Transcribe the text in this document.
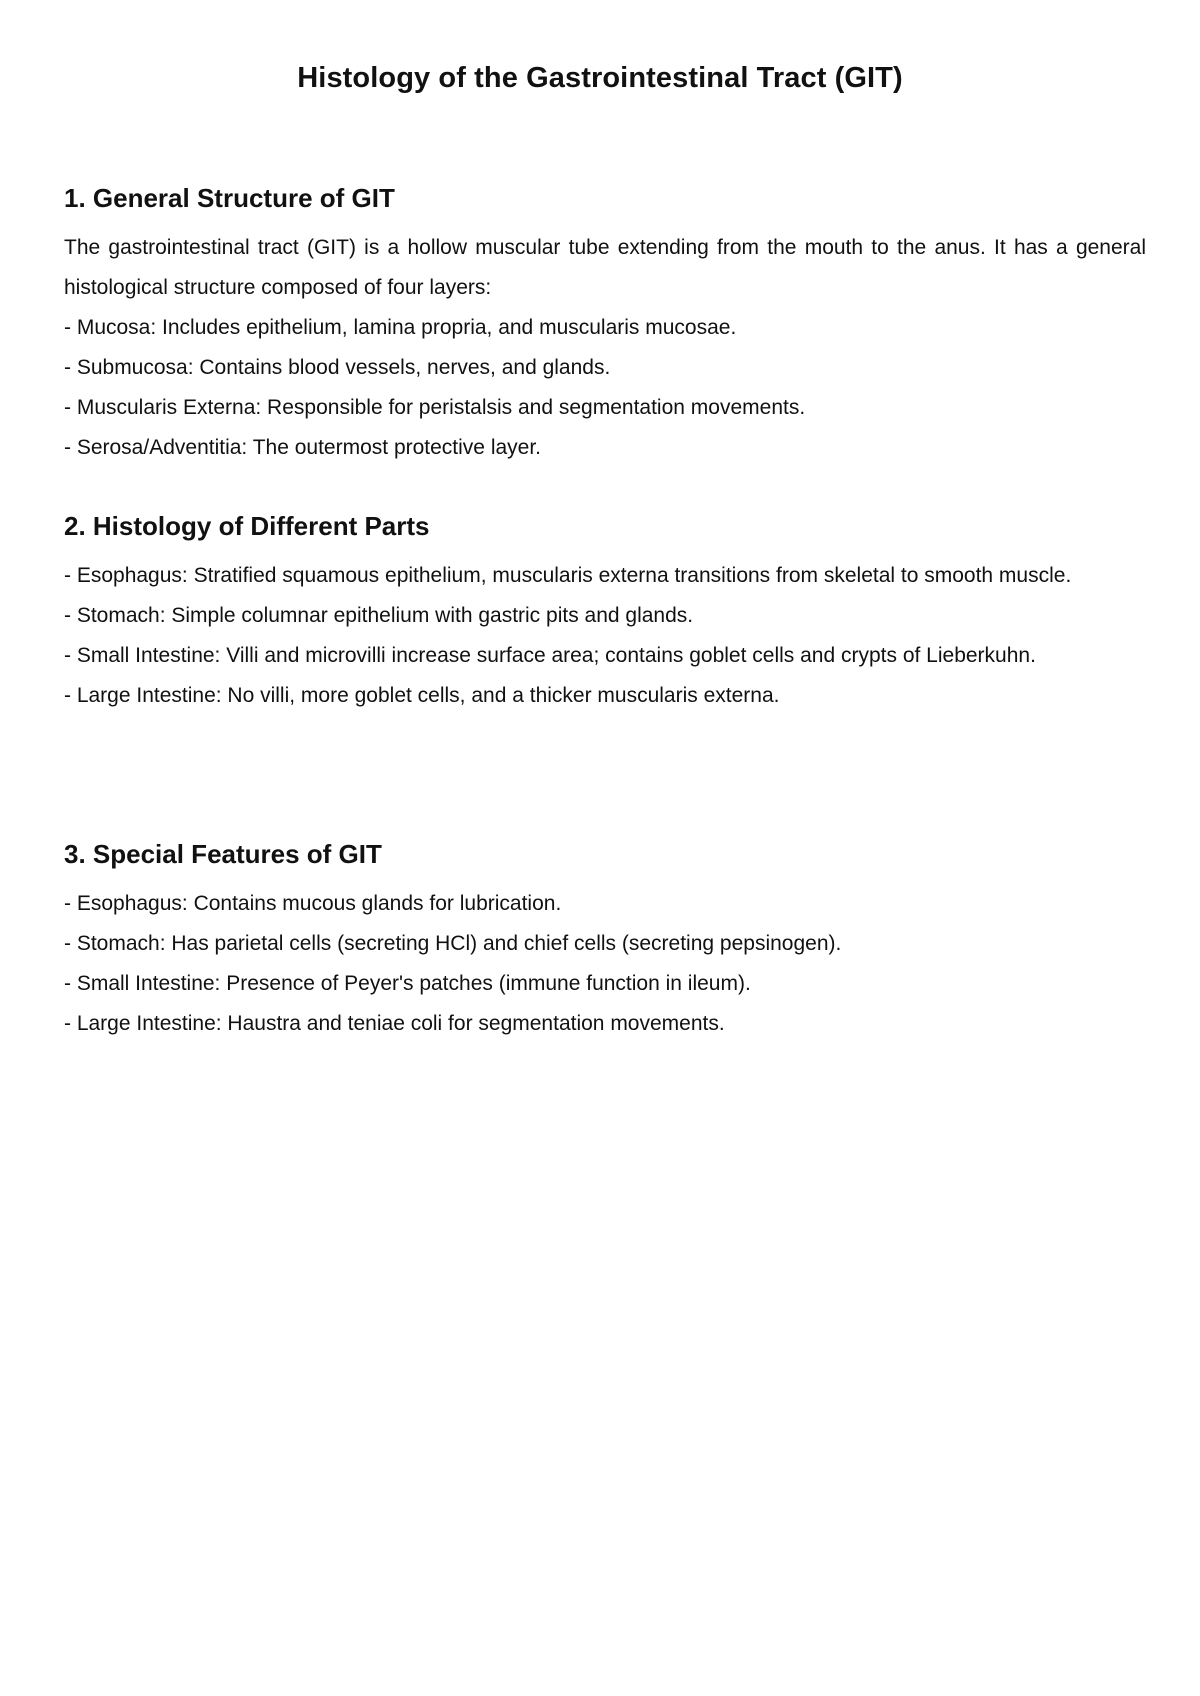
Histology of the Gastrointestinal Tract (GIT)
1. General Structure of GIT

The gastrointestinal tract (GIT) is a hollow muscular tube extending from the mouth to the anus. It has a general histological structure composed of four layers:

- Mucosa: Includes epithelium, lamina propria, and muscularis mucosae.
- Submucosa: Contains blood vessels, nerves, and glands.
- Muscularis Externa: Responsible for peristalsis and segmentation movements.
- Serosa/Adventitia: The outermost protective layer.
2. Histology of Different Parts
- Esophagus: Stratified squamous epithelium, muscularis externa transitions from skeletal to smooth muscle.
- Stomach: Simple columnar epithelium with gastric pits and glands.
- Small Intestine: Villi and microvilli increase surface area; contains goblet cells and crypts of Lieberkuhn.
- Large Intestine: No villi, more goblet cells, and a thicker muscularis externa.
3. Special Features of GIT
- Esophagus: Contains mucous glands for lubrication.
- Stomach: Has parietal cells (secreting HCl) and chief cells (secreting pepsinogen).
- Small Intestine: Presence of Peyer's patches (immune function in ileum).
- Large Intestine: Haustra and teniae coli for segmentation movements.
